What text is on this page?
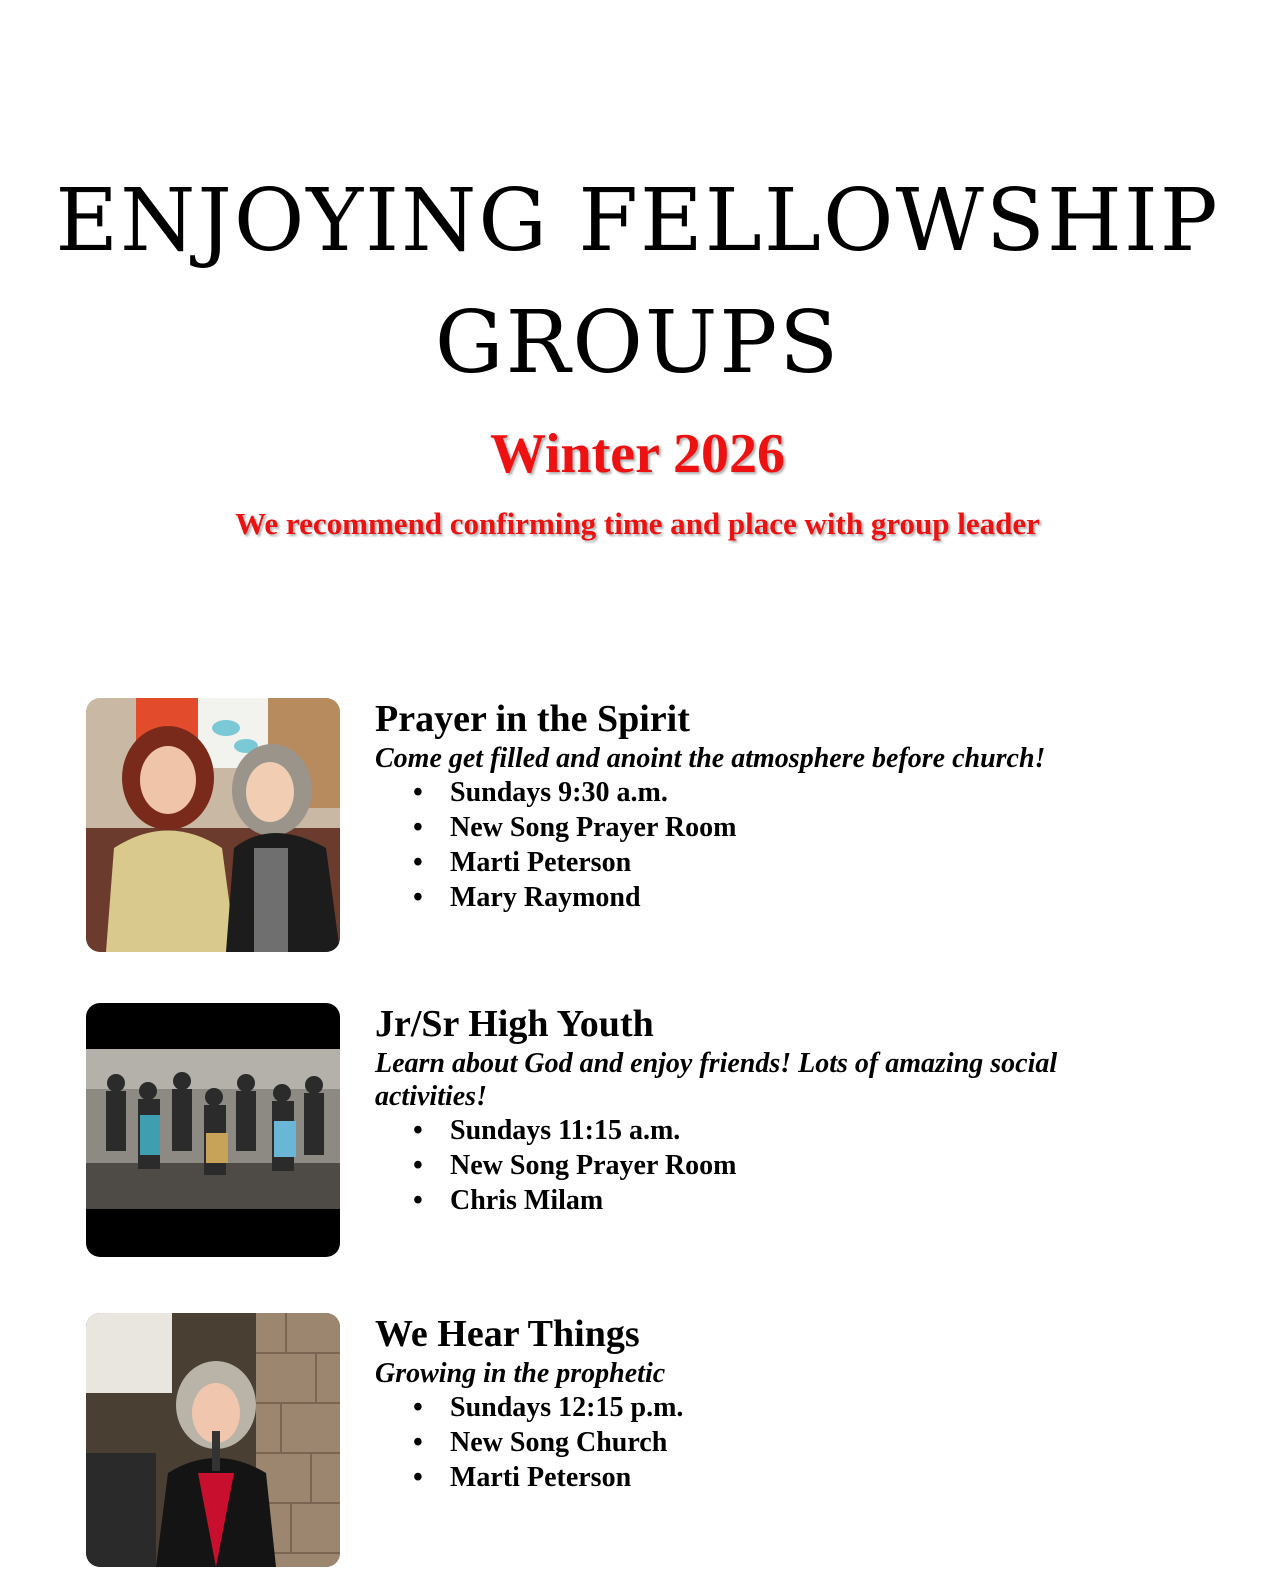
ENJOYING FELLOWSHIP
GROUPS
Winter 2026

We recommend confirming time and place with group leader

Prayer in the Spirit

Come get filled and anoint the atmosphere before church!

• Sundays 9:30 a.m.
• New Song Prayer Room
• Marti Peterson
• Mary Raymond
Jr/Sr High Youth

Learn about God and enjoy friends! Lots of amazing social activities!

• Sundays 11:15 a.m.
• New Song Prayer Room
• Chris Milam
We Hear Things

Growing in the prophetic

• Sundays 12:15 p.m.
• New Song Church
• Marti Peterson
